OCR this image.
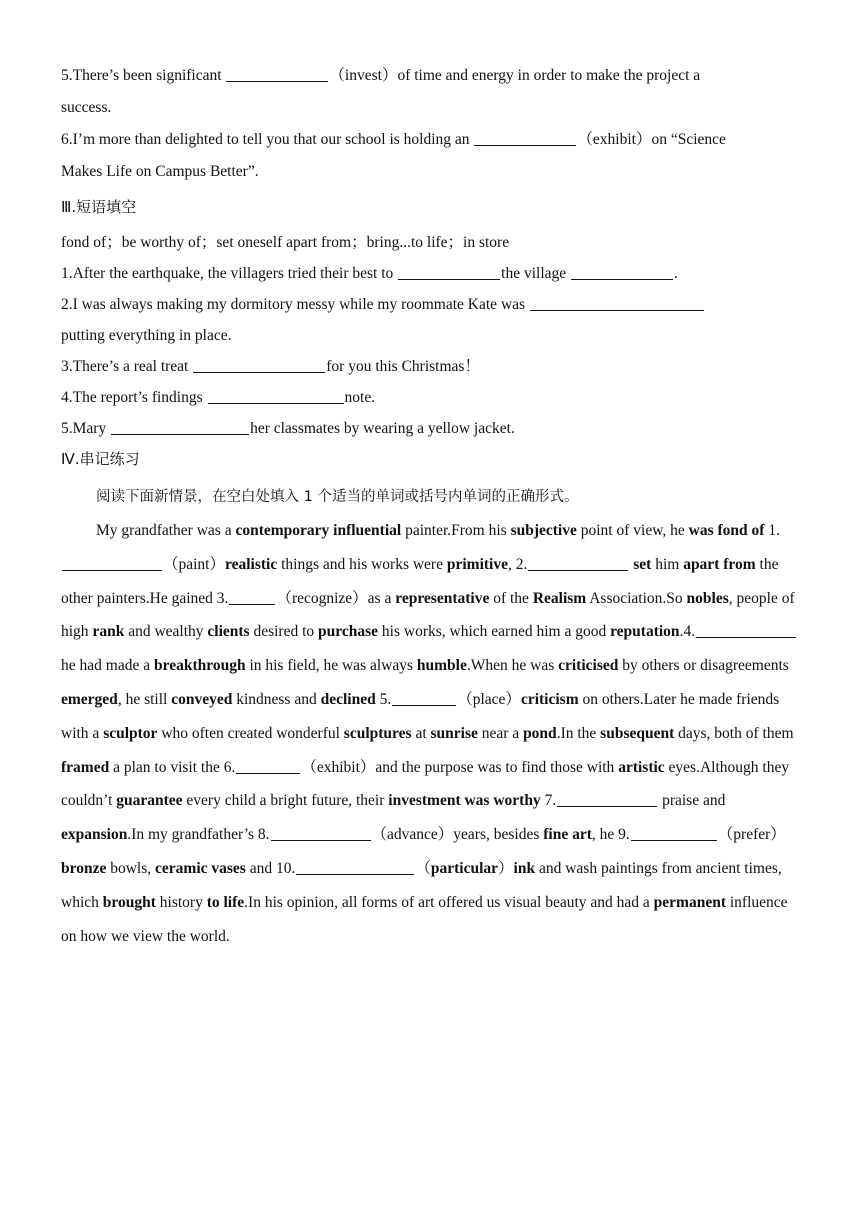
5.There’s been significant	（invest）of time and energy in order to make the project a
success.
6.I’m more than delighted to tell you that our school is holding an	（exhibit）on “Science
Makes Life on Campus Better”.
Ⅲ.短语填空
fond of；be worthy of；set oneself apart from；bring...to life；in store
1.After the earthquake, the villagers tried their best to	the village	.
2.I was always making my dormitory messy while my roommate Kate was
putting everything in place.
3.There’s a real treat	for you this Christmas！
4.The report’s findings	note.
5.Mary	her classmates by wearing a yellow jacket.
Ⅳ.串记练习
阅读下面新情景，在空白处填入 1 个适当的单词或括号内单词的正确形式。
My grandfather was a contemporary influential painter.From his subjective point of view, he was fond of 1.（paint）realistic things and his works were primitive, 2.	set him apart from the other painters.He gained 3.	（recognize）as a representative of the Realism Association.So nobles, people of high rank and wealthy clients desired to purchase his works, which earned him a good reputation.4. he had made a breakthrough in his field, he was always humble.When he was criticised by others or disagreements emerged, he still conveyed kindness and declined 5.	（place）criticism on others.Later he made friends with a sculptor who often created wonderful sculptures at sunrise near a pond.In the subsequent days, both of them framed a plan to visit the 6.	（exhibit）and the purpose was to find those with artistic eyes.Although they couldn’t guarantee every child a bright future, their investment was worthy 7.	praise and expansion.In my grandfather’s 8.	（advance）years, besides fine art, he 9.	（prefer）bronze bowls, ceramic vases and 10.	（particular）ink and wash paintings from ancient times, which brought history to life.In his opinion, all forms of art offered us visual beauty and had a permanent influence on how we view the world.
